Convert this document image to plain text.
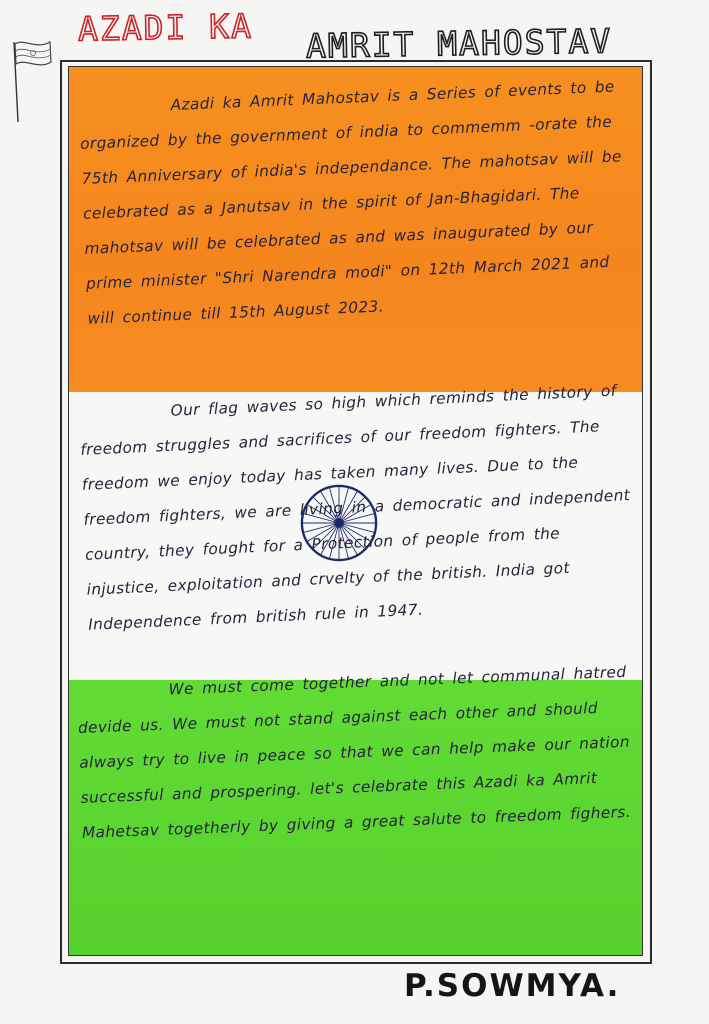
AZADI KA AMRIT MAHOSTAV

Azadi ka Amrit Mahostav is a Series of events to be organized by the government of india to commemm -orate the 75th Anniversary of india's independance. The mahotsav will be celebrated as a Janutsav in the spirit of Jan-Bhagidari. The mahotsav will be celebrated as and was inaugurated by our prime minister "Shri Narendra modi" on 12th March 2021 and will continue till 15th August 2023.

Our flag waves so high which reminds the history of freedom struggles and sacrifices of our freedom fighters. The freedom we enjoy today has taken many lives. Due to the freedom fighters, we are living in a democratic and independent country, they fought for a Protection of people from the injustice, exploitation and crvelty of the british. India got Independence from british rule in 1947.

We must come together and not let communal hatred devide us. We must not stand against each other and should always try to live in peace so that we can help make our nation successful and prospering. let's celebrate this Azadi ka Amrit Mahetsav togetherly by giving a great salute to freedom fighers.

P.SOWMYA.
